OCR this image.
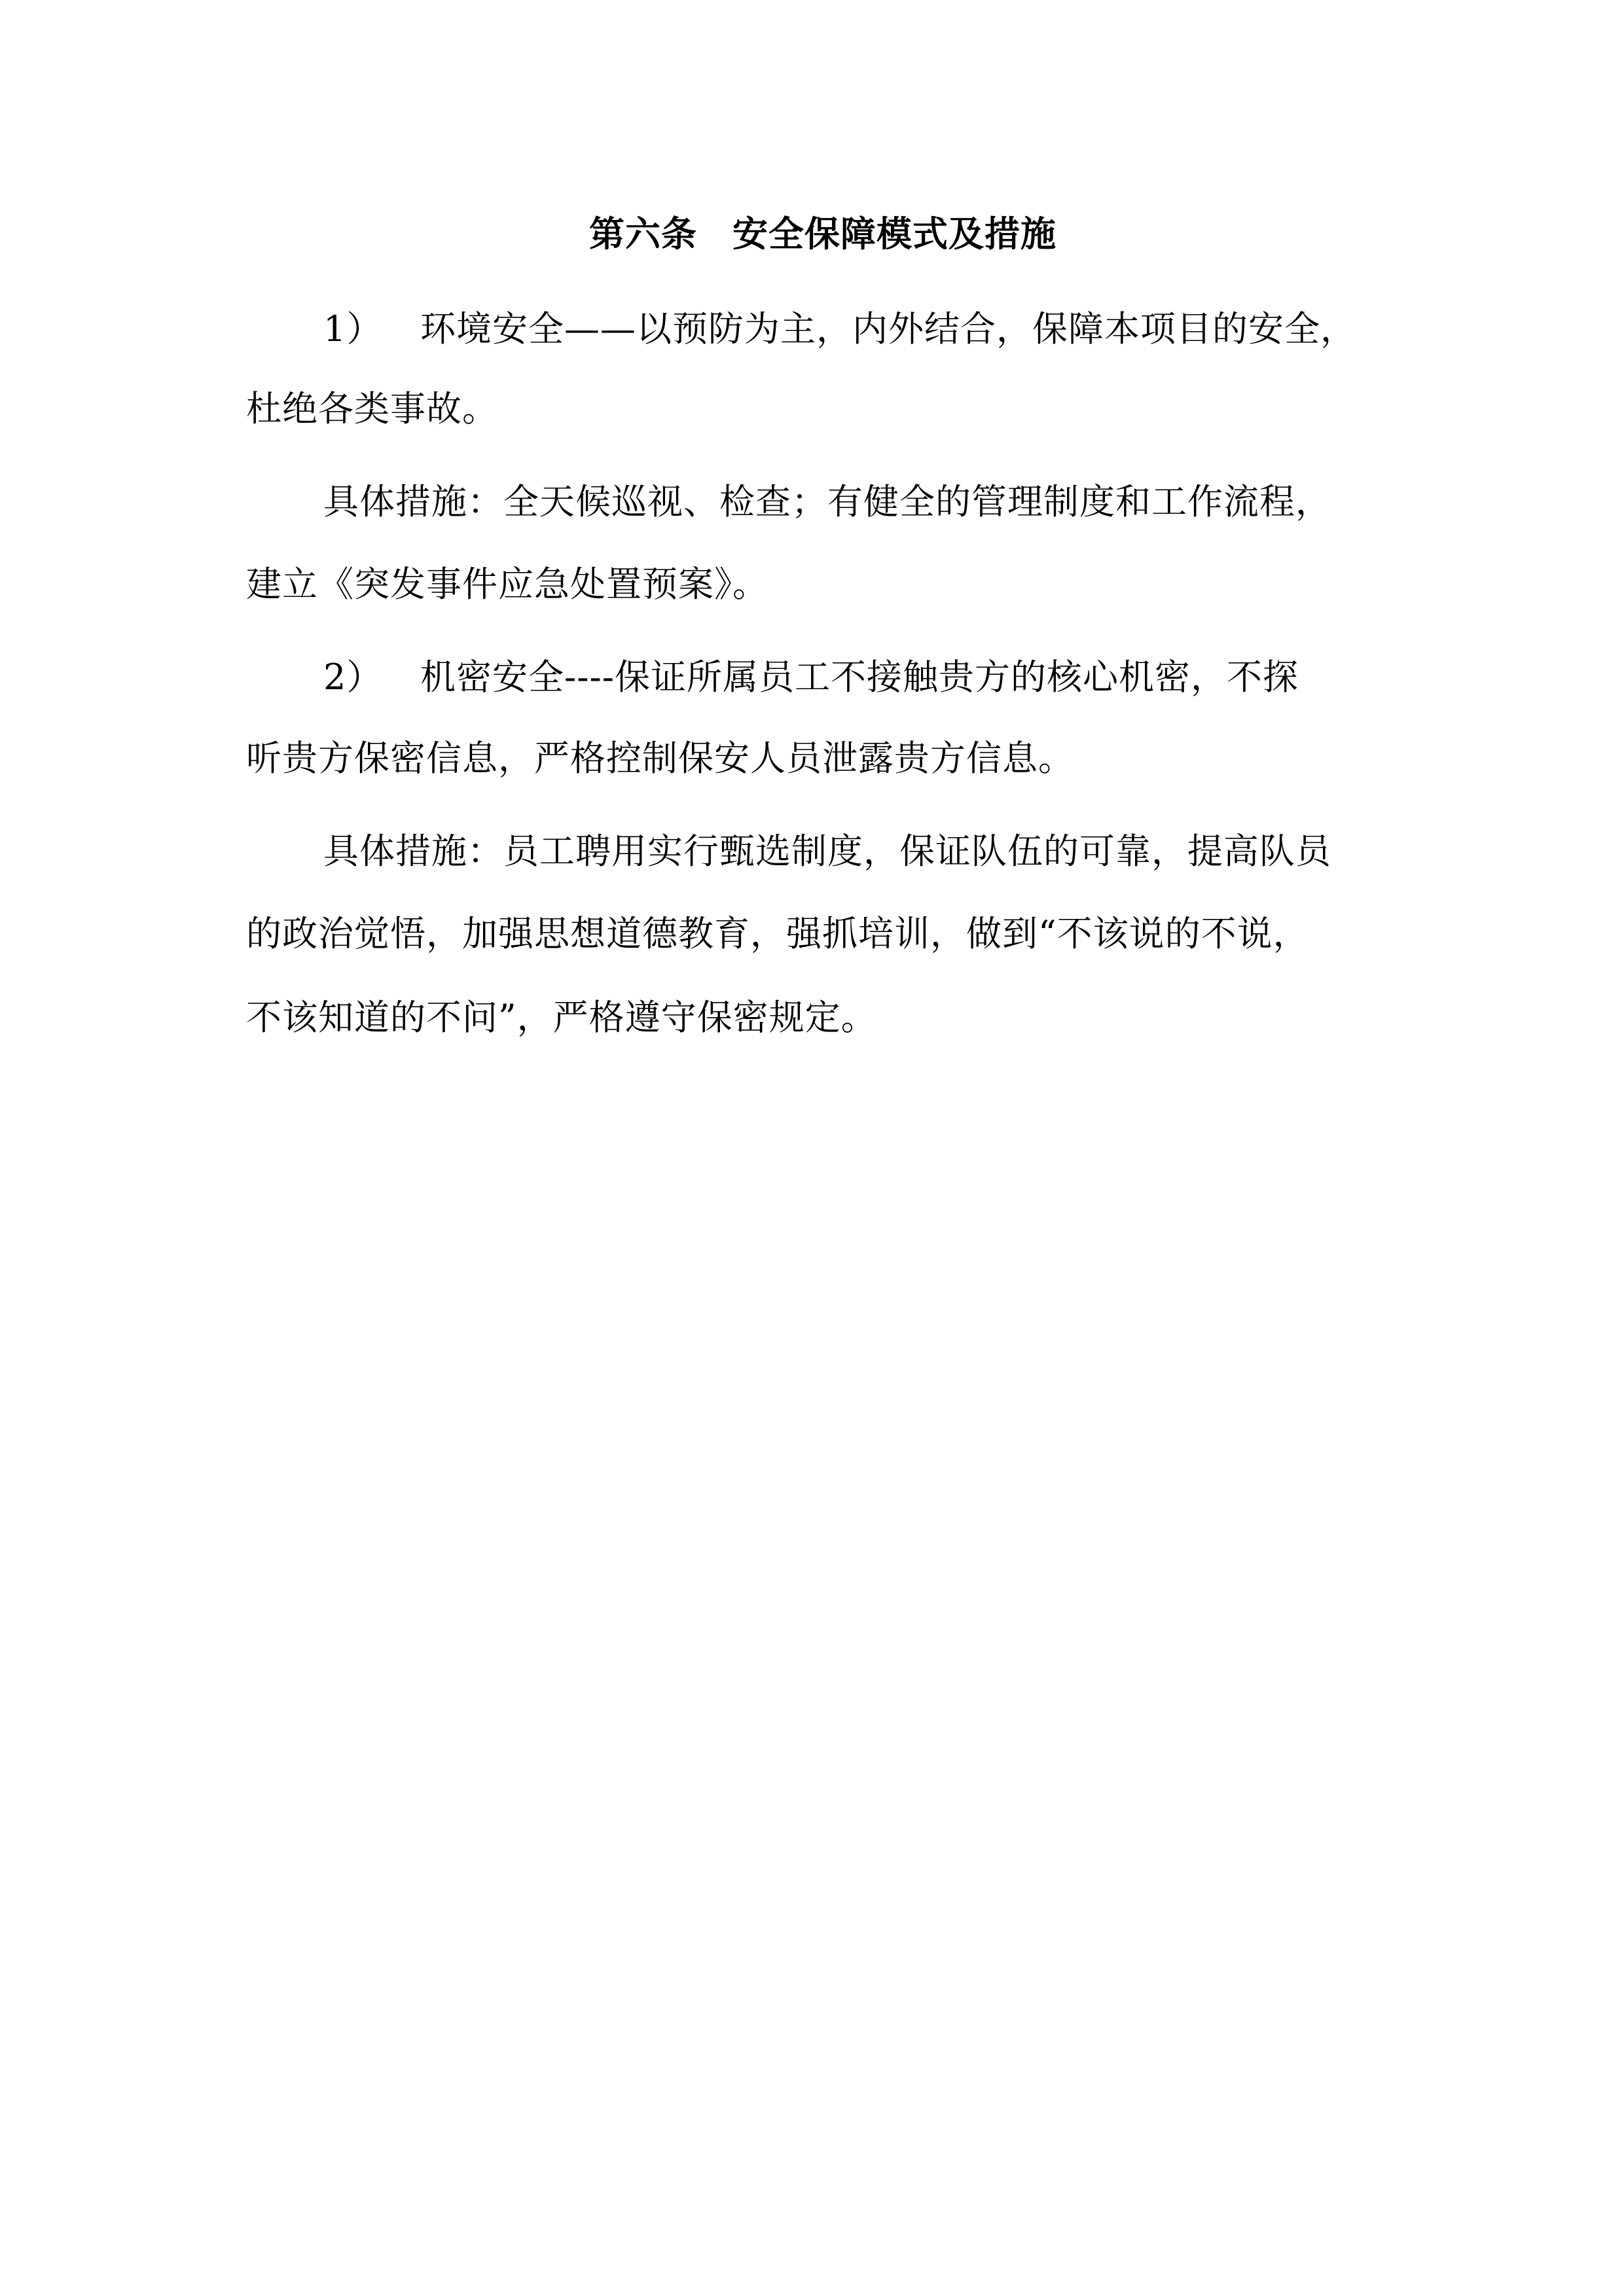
第六条 安全保障模式及措施
1） 环境安全——以预防为主，内外结合，保障本项目的安全，
杜绝各类事故。
具体措施：全天候巡视、检查；有健全的管理制度和工作流程，
建立《突发事件应急处置预案》。
2） 机密安全----保证所属员工不接触贵方的核心机密，不探
听贵方保密信息，严格控制保安人员泄露贵方信息。
具体措施：员工聘用实行甄选制度，保证队伍的可靠，提高队员
的政治觉悟，加强思想道德教育，强抓培训，做到“不该说的不说，
不该知道的不问”，严格遵守保密规定。
